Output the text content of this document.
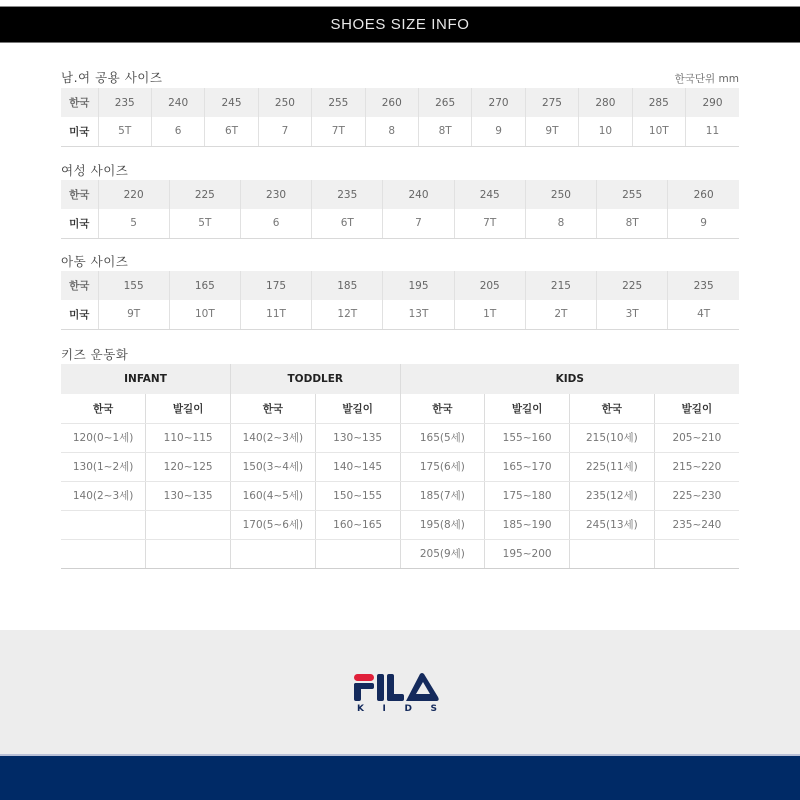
SHOES SIZE INFO
남.여 공용 사이즈	한국단위 mm
한국	235	240	245	250	255	260	265	270	275	280	285	290
미국	5T	6	6T	7	7T	8	8T	9	9T	10	10T	11
여성 사이즈
한국	220	225	230	235	240	245	250	255	260
미국	5	5T	6	6T	7	7T	8	8T	9
아동 사이즈
한국	155	165	175	185	195	205	215	225	235
미국	9T	10T	11T	12T	13T	1T	2T	3T	4T
키즈 운동화
INFANT		TODDLER		KIDS			
한국	발길이	한국	발길이	한국	발길이	한국	발길이
120(0~1세)	110~115	140(2~3세)	130~135	165(5세)	155~160	215(10세)	205~210
130(1~2세)	120~125	150(3~4세)	140~145	175(6세)	165~170	225(11세)	215~220
140(2~3세)	130~135	160(4~5세)	150~155	185(7세)	175~180	235(12세)	225~230
		170(5~6세)	160~165	195(8세)	185~190	245(13세)	235~240
				205(9세)	195~200		
K I D S
